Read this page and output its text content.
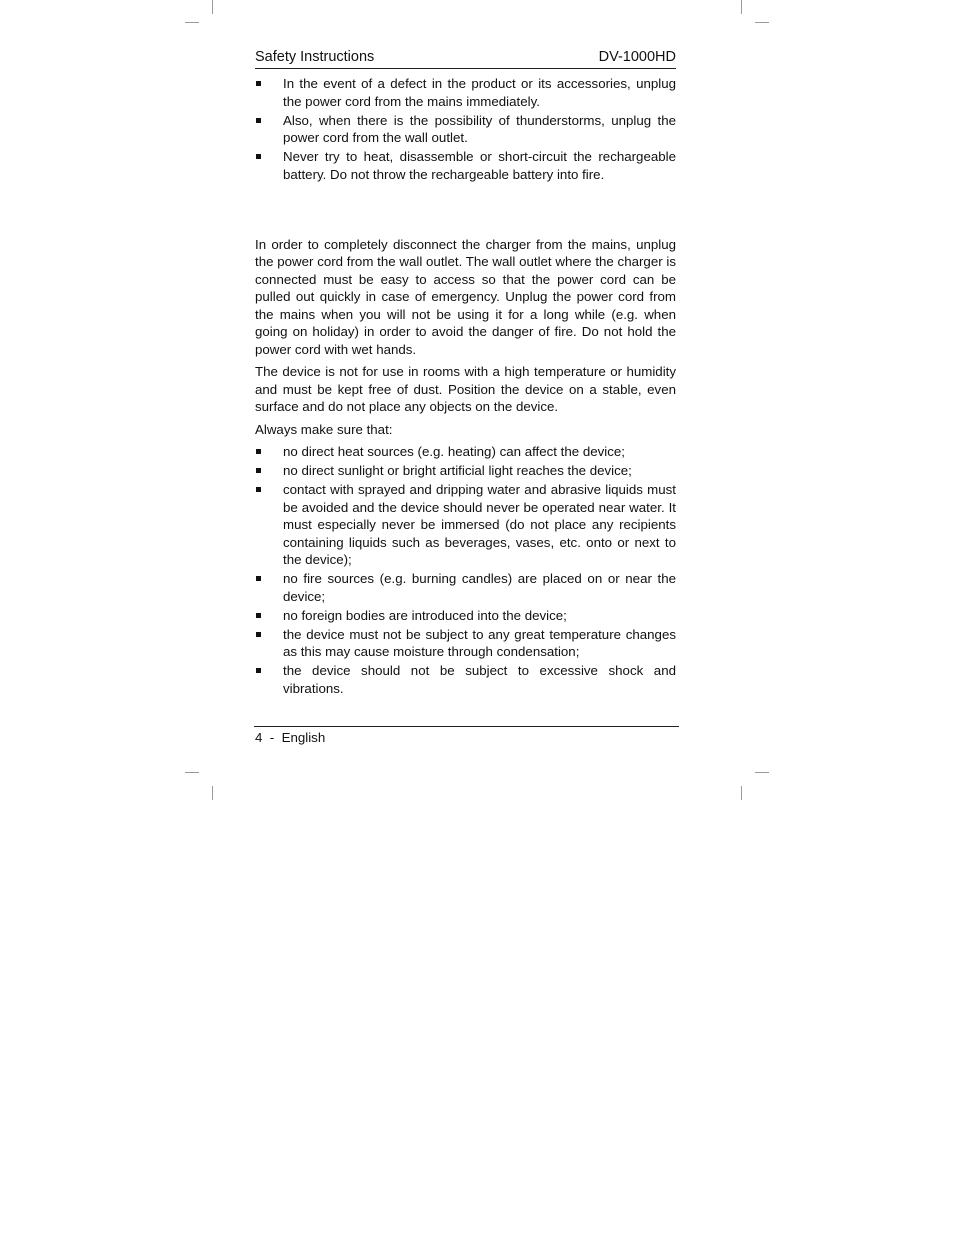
Safety Instructions	DV-1000HD
In the event of a defect in the product or its accessories, unplug the power cord from the mains immediately.
Also, when there is the possibility of thunderstorms, unplug the power cord from the wall outlet.
Never try to heat, disassemble or short-circuit the rechargeable battery. Do not throw the rechargeable battery into fire.

In order to completely disconnect the charger from the mains, unplug the power cord from the wall outlet. The wall outlet where the charger is connected must be easy to access so that the power cord can be pulled out quickly in case of emergency. Unplug the power cord from the mains when you will not be using it for a long while (e.g. when going on holiday) in order to avoid the danger of fire. Do not hold the power cord with wet hands.

The device is not for use in rooms with a high temperature or humidity and must be kept free of dust. Position the device on a stable, even surface and do not place any objects on the device.

Always make sure that:

no direct heat sources (e.g. heating) can affect the device;
no direct sunlight or bright artificial light reaches the device;
contact with sprayed and dripping water and abrasive liquids must be avoided and the device should never be operated near water. It must especially never be immersed (do not place any recipients containing liquids such as beverages, vases, etc. onto or next to the device);
no fire sources (e.g. burning candles) are placed on or near the device;
no foreign bodies are introduced into the device;
the device must not be subject to any great temperature changes as this may cause moisture through condensation;
the device should not be subject to excessive shock and vibrations.
4  -  English
